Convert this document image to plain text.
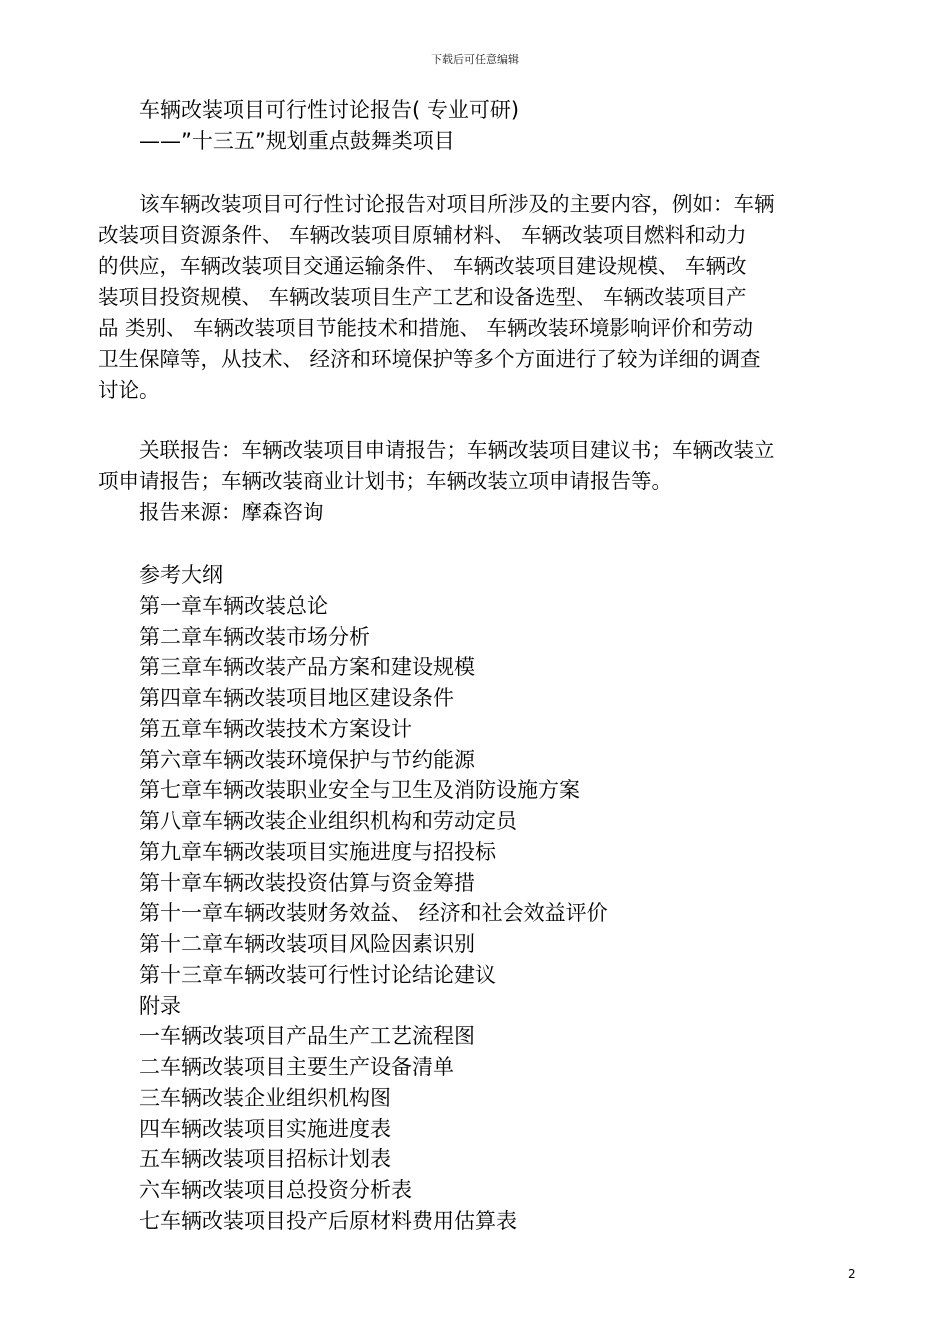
下载后可任意编辑
车辆改装项目可行性讨论报告( 专业可研)
——”十三五”规划重点鼓舞类项目
该车辆改装项目可行性讨论报告对项目所涉及的主要内容，例如：车辆
改装项目资源条件、 车辆改装项目原辅材料、 车辆改装项目燃料和动力
的供应，车辆改装项目交通运输条件、 车辆改装项目建设规模、 车辆改
装项目投资规模、 车辆改装项目生产工艺和设备选型、 车辆改装项目产
品 类别、 车辆改装项目节能技术和措施、 车辆改装环境影响评价和劳动
卫生保障等，从技术、 经济和环境保护等多个方面进行了较为详细的调查
讨论。
关联报告：车辆改装项目申请报告；车辆改装项目建议书；车辆改装立
项申请报告；车辆改装商业计划书；车辆改装立项申请报告等。
报告来源：摩森咨询
参考大纲
第一章车辆改装总论
第二章车辆改装市场分析
第三章车辆改装产品方案和建设规模
第四章车辆改装项目地区建设条件
第五章车辆改装技术方案设计
第六章车辆改装环境保护与节约能源
第七章车辆改装职业安全与卫生及消防设施方案
第八章车辆改装企业组织机构和劳动定员
第九章车辆改装项目实施进度与招投标
第十章车辆改装投资估算与资金筹措
第十一章车辆改装财务效益、 经济和社会效益评价
第十二章车辆改装项目风险因素识别
第十三章车辆改装可行性讨论结论建议
附录
一车辆改装项目产品生产工艺流程图
二车辆改装项目主要生产设备清单
三车辆改装企业组织机构图
四车辆改装项目实施进度表
五车辆改装项目招标计划表
六车辆改装项目总投资分析表
七车辆改装项目投产后原材料费用估算表
2
